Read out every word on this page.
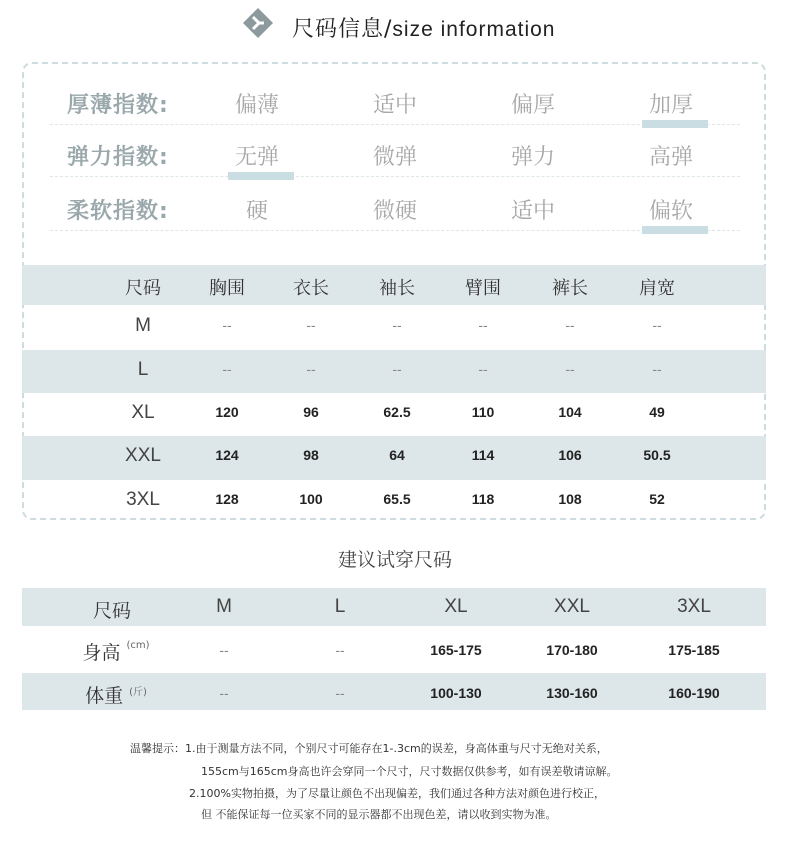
尺码信息/size information
厚薄指数:	偏薄	适中	偏厚	加厚
弹力指数:	无弹	微弹	弹力	高弹
柔软指数:	硬	微硬	适中	偏软
尺码	胸围	衣长	袖长	臂围	裤长	肩宽
M	--	--	--	--	--	--
L	--	--	--	--	--	--
XL	120	96	62.5	110	104	49
XXL	124	98	64	114	106	50.5
3XL	128	100	65.5	118	108	52
建议试穿尺码
尺码	M	L	XL	XXL	3XL
身高 $^{(cm)}$	--	--	165-175	170-180	175-185
体重 $^{(斤)}$	--	--	100-130	130-160	160-190
温馨提示：1.由于测量方法不同，个别尺寸可能存在1-.3cm的误差，身高体重与尺寸无绝对关系，
155cm与165cm身高也许会穿同一个尺寸，尺寸数据仅供参考，如有误差敬请谅解。
2.100%实物拍摄，为了尽量让颜色不出现偏差，我们通过各种方法对颜色进行校正，
但 不能保证每一位买家不同的显示器都不出现色差，请以收到实物为准。
